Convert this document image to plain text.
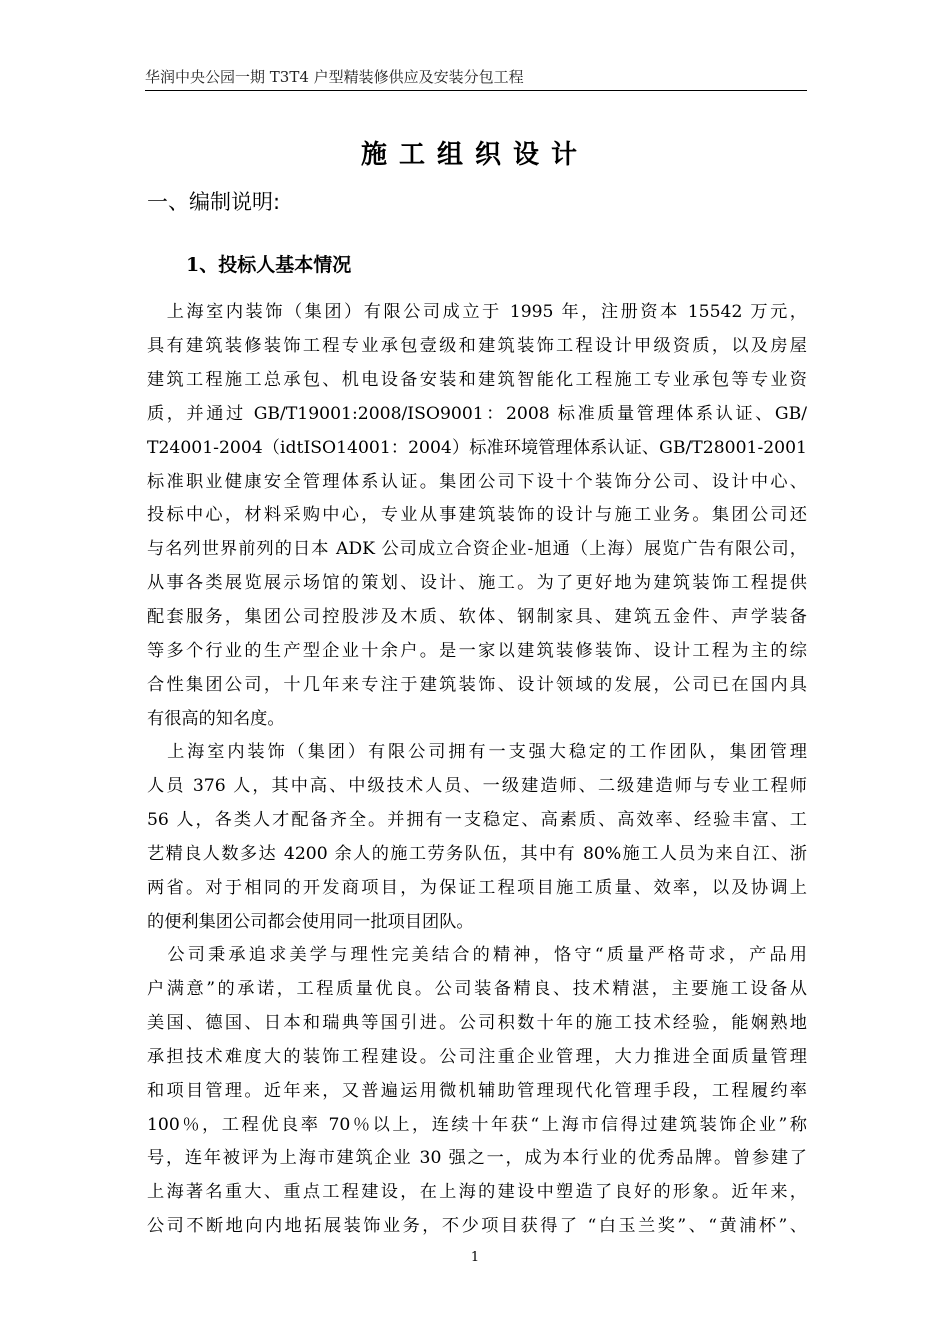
华润中央公园一期 T3T4 户型精装修供应及安装分包工程
施工组织设计
一、编制说明:
1、投标人基本情况

　上海室内装饰（集团）有限公司成立于 1995 年，注册资本 15542 万元，
具有建筑装修装饰工程专业承包壹级和建筑装饰工程设计甲级资质，以及房屋
建筑工程施工总承包、机电设备安装和建筑智能化工程施工专业承包等专业资
质，并通过 GB/T19001:2008/ISO9001：2008 标准质量管理体系认证、GB/
T24001-2004（idtISO14001：2004）标准环境管理体系认证、GB/T28001-2001
标准职业健康安全管理体系认证。集团公司下设十个装饰分公司、设计中心、
投标中心，材料采购中心，专业从事建筑装饰的设计与施工业务。集团公司还
与名列世界前列的日本 ADK 公司成立合资企业-旭通（上海）展览广告有限公司，
从事各类展览展示场馆的策划、设计、施工。为了更好地为建筑装饰工程提供
配套服务，集团公司控股涉及木质、软体、钢制家具、建筑五金件、声学装备
等多个行业的生产型企业十余户。是一家以建筑装修装饰、设计工程为主的综
合性集团公司，十几年来专注于建筑装饰、设计领域的发展，公司已在国内具
有很高的知名度。

　上海室内装饰（集团）有限公司拥有一支强大稳定的工作团队，集团管理
人员 376 人，其中高、中级技术人员、一级建造师、二级建造师与专业工程师
56 人，各类人才配备齐全。并拥有一支稳定、高素质、高效率、经验丰富、工
艺精良人数多达 4200 余人的施工劳务队伍，其中有 80%施工人员为来自江、浙
两省。对于相同的开发商项目，为保证工程项目施工质量、效率，以及协调上
的便利集团公司都会使用同一批项目团队。

　公司秉承追求美学与理性完美结合的精神，恪守“质量严格苛求，产品用
户满意”的承诺，工程质量优良。公司装备精良、技术精湛，主要施工设备从
美国、德国、日本和瑞典等国引进。公司积数十年的施工技术经验，能娴熟地
承担技术难度大的装饰工程建设。公司注重企业管理，大力推进全面质量管理
和项目管理。近年来，又普遍运用微机辅助管理现代化管理手段，工程履约率
100％，工程优良率 70％以上，连续十年获“上海市信得过建筑装饰企业”称
号，连年被评为上海市建筑企业 30 强之一，成为本行业的优秀品牌。曾参建了
上海著名重大、重点工程建设，在上海的建设中塑造了良好的形象。近年来，
公司不断地向内地拓展装饰业务，不少项目获得了 “白玉兰奖”、“黄浦杯”、

1
